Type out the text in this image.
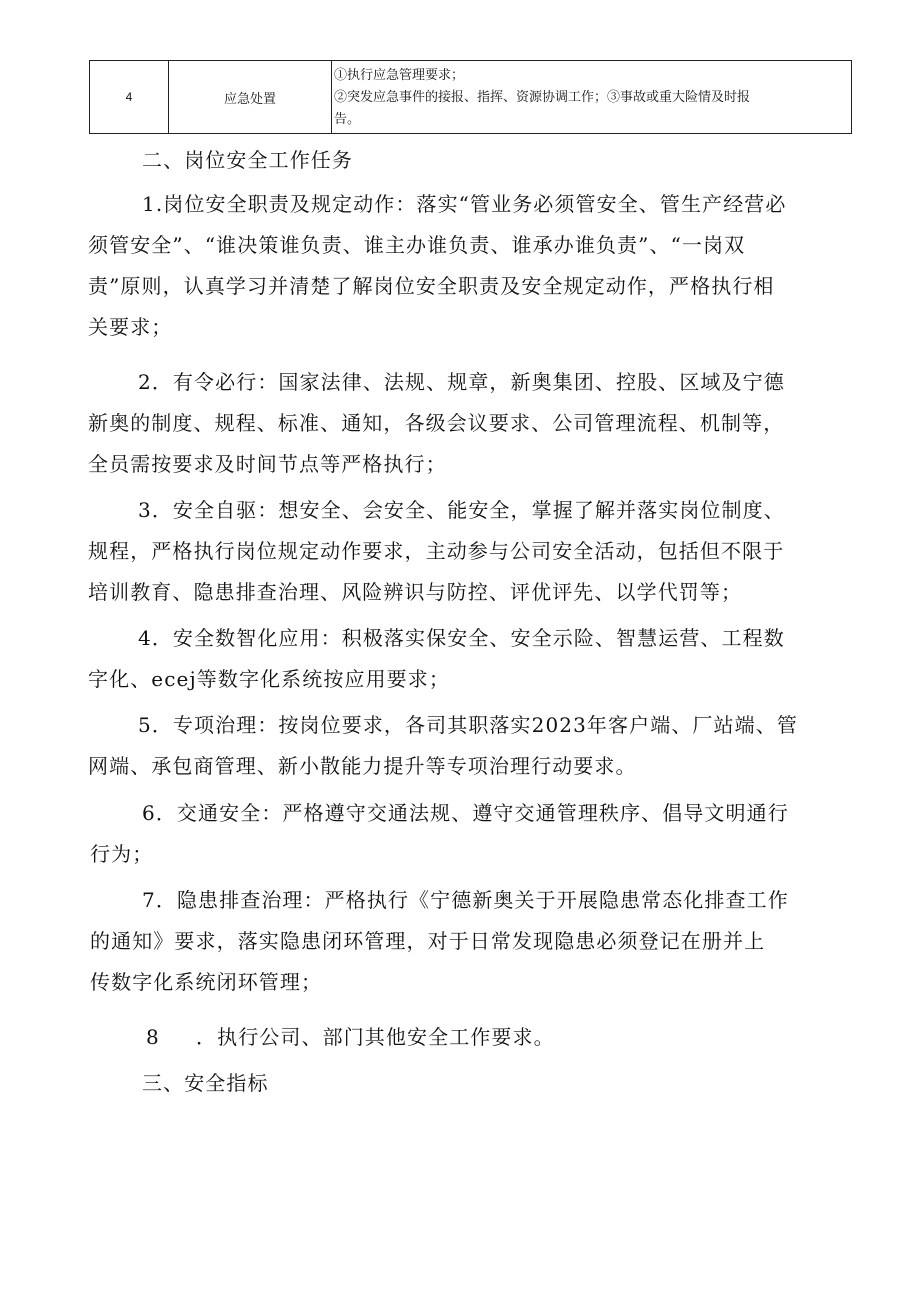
4	应急处置	
①执行应急管理要求；
②突发应急事件的接报、指挥、资源协调工作；③事故或重大险情及时报
告。
二、岗位安全工作任务
1.岗位安全职责及规定动作：落实“管业务必须管安全、管生产经营必
须管安全”、“谁决策谁负责、谁主办谁负责、谁承办谁负责”、“一岗双
责”原则，认真学习并清楚了解岗位安全职责及安全规定动作，严格执行相
关要求；
2．有令必行：国家法律、法规、规章，新奥集团、控股、区域及宁德
新奥的制度、规程、标准、通知，各级会议要求、公司管理流程、机制等，
全员需按要求及时间节点等严格执行；
3．安全自驱：想安全、会安全、能安全，掌握了解并落实岗位制度、
规程，严格执行岗位规定动作要求，主动参与公司安全活动，包括但不限于
培训教育、隐患排查治理、风险辨识与防控、评优评先、以学代罚等；
4．安全数智化应用：积极落实保安全、安全示险、智慧运营、工程数
字化、ecej等数字化系统按应用要求；
5．专项治理：按岗位要求，各司其职落实2023年客户端、厂站端、管
网端、承包商管理、新小散能力提升等专项治理行动要求。
6．交通安全：严格遵守交通法规、遵守交通管理秩序、倡导文明通行
行为；
7．隐患排查治理：严格执行《宁德新奥关于开展隐患常态化排查工作
的通知》要求，落实隐患闭环管理，对于日常发现隐患必须登记在册并上
传数字化系统闭环管理；
8 ．执行公司、部门其他安全工作要求。
三、安全指标
